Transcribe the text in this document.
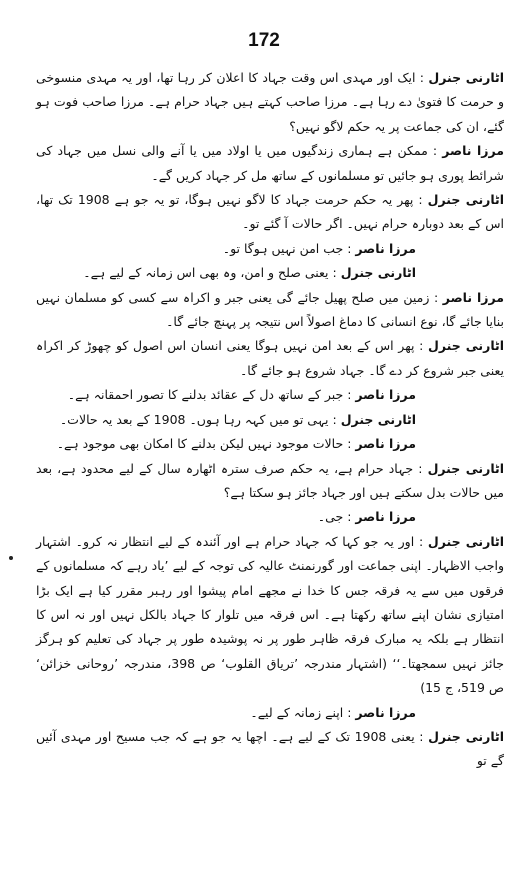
172

اٹارنی جنرل : ایک اور مہدی اس وقت جہاد کا اعلان کر رہا تھا، اور یہ مہدی منسوخی و حرمت کا فتویٰ دے رہا ہے۔ مرزا صاحب کہتے ہیں جہاد حرام ہے۔ مرزا صاحب فوت ہو گئے، ان کی جماعت پر یہ حکم لاگو نہیں؟

مرزا ناصر : ممکن ہے ہماری زندگیوں میں یا اولاد میں یا آنے والی نسل میں جہاد کی شرائط پوری ہو جائیں تو مسلمانوں کے ساتھ مل کر جہاد کریں گے۔

اٹارنی جنرل : پھر یہ حکم حرمت جہاد کا لاگو نہیں ہوگا، تو یہ جو ہے 1908 تک تھا، اس کے بعد دوبارہ حرام نہیں۔ اگر حالات آ گئے تو۔

مرزا ناصر : جب امن نہیں ہوگا تو۔

اٹارنی جنرل : یعنی صلح و امن، وہ بھی اس زمانہ کے لیے ہے۔

مرزا ناصر : زمین میں صلح پھیل جائے گی یعنی جبر و اکراہ سے کسی کو مسلمان نہیں بنایا جائے گا، نوع انسانی کا دماغ اصولاً اس نتیجہ پر پہنچ جائے گا۔

اٹارنی جنرل : پھر اس کے بعد امن نہیں ہوگا یعنی انسان اس اصول کو چھوڑ کر اکراہ یعنی جبر شروع کر دے گا۔ جہاد شروع ہو جائے گا۔

مرزا ناصر : جبر کے ساتھ دل کے عقائد بدلنے کا تصور احمقانہ ہے۔

اٹارنی جنرل : یہی تو میں کہہ رہا ہوں۔ 1908 کے بعد یہ حالات۔

مرزا ناصر : حالات موجود نہیں لیکن بدلنے کا امکان بھی موجود ہے۔

اٹارنی جنرل : جہاد حرام ہے، یہ حکم صرف سترہ اٹھارہ سال کے لیے محدود ہے، بعد میں حالات بدل سکتے ہیں اور جہاد جائز ہو سکتا ہے؟

مرزا ناصر : جی۔

اٹارنی جنرل : اور یہ جو کہا کہ جہاد حرام ہے اور آئندہ کے لیے انتظار نہ کرو۔ اشتہار واجب الاظہار۔ اپنی جماعت اور گورنمنٹ عالیہ کی توجہ کے لیے ’یاد رہے کہ مسلمانوں کے فرقوں میں سے یہ فرقہ جس کا خدا نے مجھے امام پیشوا اور رہبر مقرر کیا ہے ایک بڑا امتیازی نشان اپنے ساتھ رکھتا ہے۔ اس فرقہ میں تلوار کا جہاد بالکل نہیں اور نہ اس کا انتظار ہے بلکہ یہ مبارک فرقہ ظاہر طور پر نہ پوشیدہ طور پر جہاد کی تعلیم کو ہرگز جائز نہیں سمجھتا۔‘‘ (اشتہار مندرجہ ’تریاق القلوب‘ ص 398، مندرجہ ’روحانی خزائن‘ ص 519، ج 15)

مرزا ناصر : اپنے زمانہ کے لیے۔

اٹارنی جنرل : یعنی 1908 تک کے لیے ہے۔ اچھا یہ جو ہے کہ جب مسیح اور مہدی آئیں گے تو
